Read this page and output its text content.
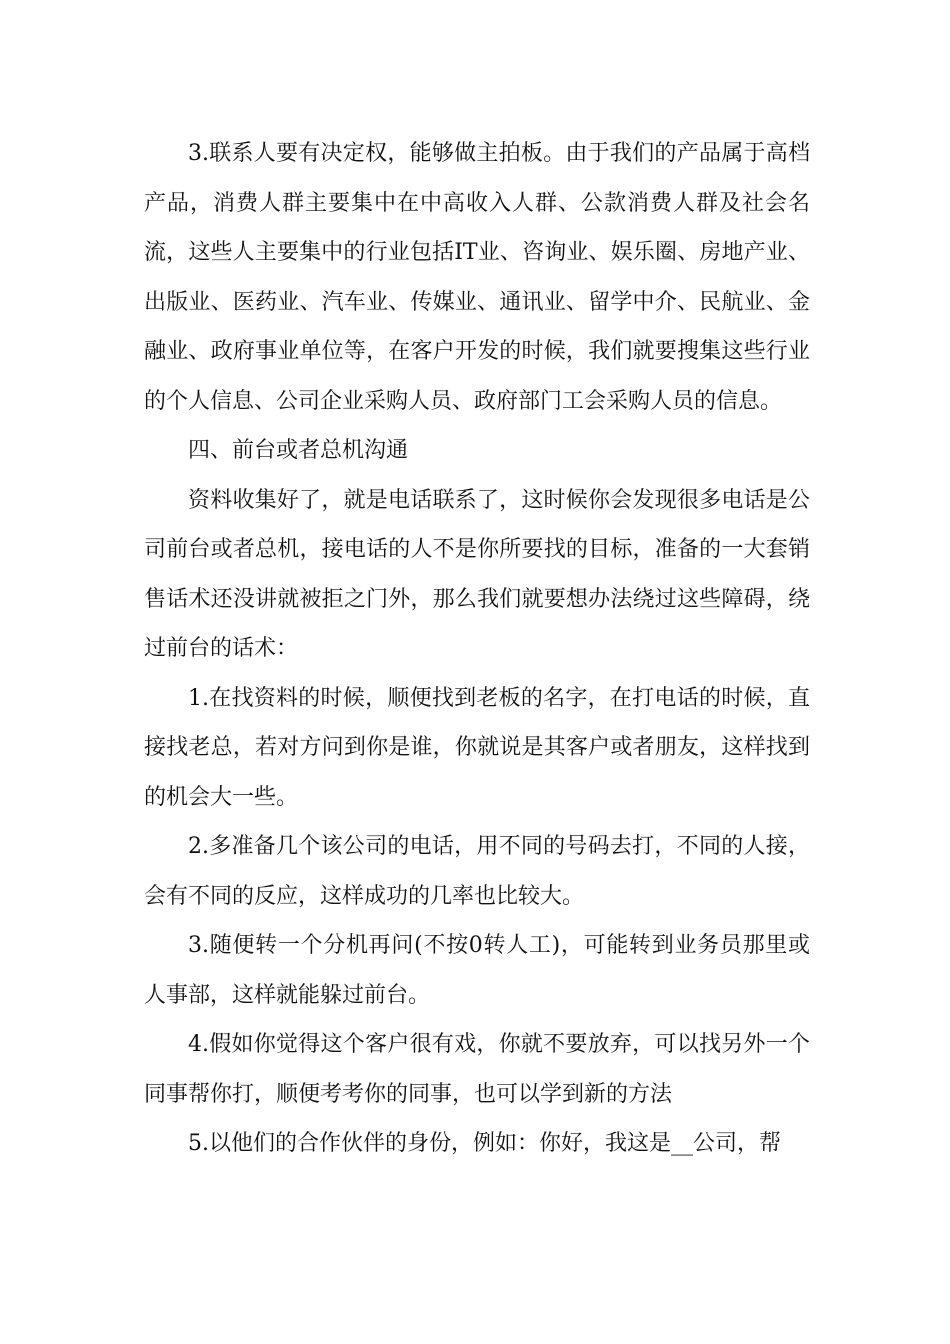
3.联系人要有决定权，能够做主拍板。由于我们的产品属于高档产品，消费人群主要集中在中高收入人群、公款消费人群及社会名流，这些人主要集中的行业包括IT业、咨询业、娱乐圈、房地产业、出版业、医药业、汽车业、传媒业、通讯业、留学中介、民航业、金融业、政府事业单位等，在客户开发的时候，我们就要搜集这些行业的个人信息、公司企业采购人员、政府部门工会采购人员的信息。

四、前台或者总机沟通

资料收集好了，就是电话联系了，这时候你会发现很多电话是公司前台或者总机，接电话的人不是你所要找的目标，准备的一大套销售话术还没讲就被拒之门外，那么我们就要想办法绕过这些障碍，绕过前台的话术：

1.在找资料的时候，顺便找到老板的名字，在打电话的时候，直接找老总，若对方问到你是谁，你就说是其客户或者朋友，这样找到的机会大一些。

2.多准备几个该公司的电话，用不同的号码去打，不同的人接，会有不同的反应，这样成功的几率也比较大。

3.随便转一个分机再问(不按0转人工)，可能转到业务员那里或人事部，这样就能躲过前台。

4.假如你觉得这个客户很有戏，你就不要放弃，可以找另外一个同事帮你打，顺便考考你的同事，也可以学到新的方法

5.以他们的合作伙伴的身份，例如：你好，我这是__公司，帮
